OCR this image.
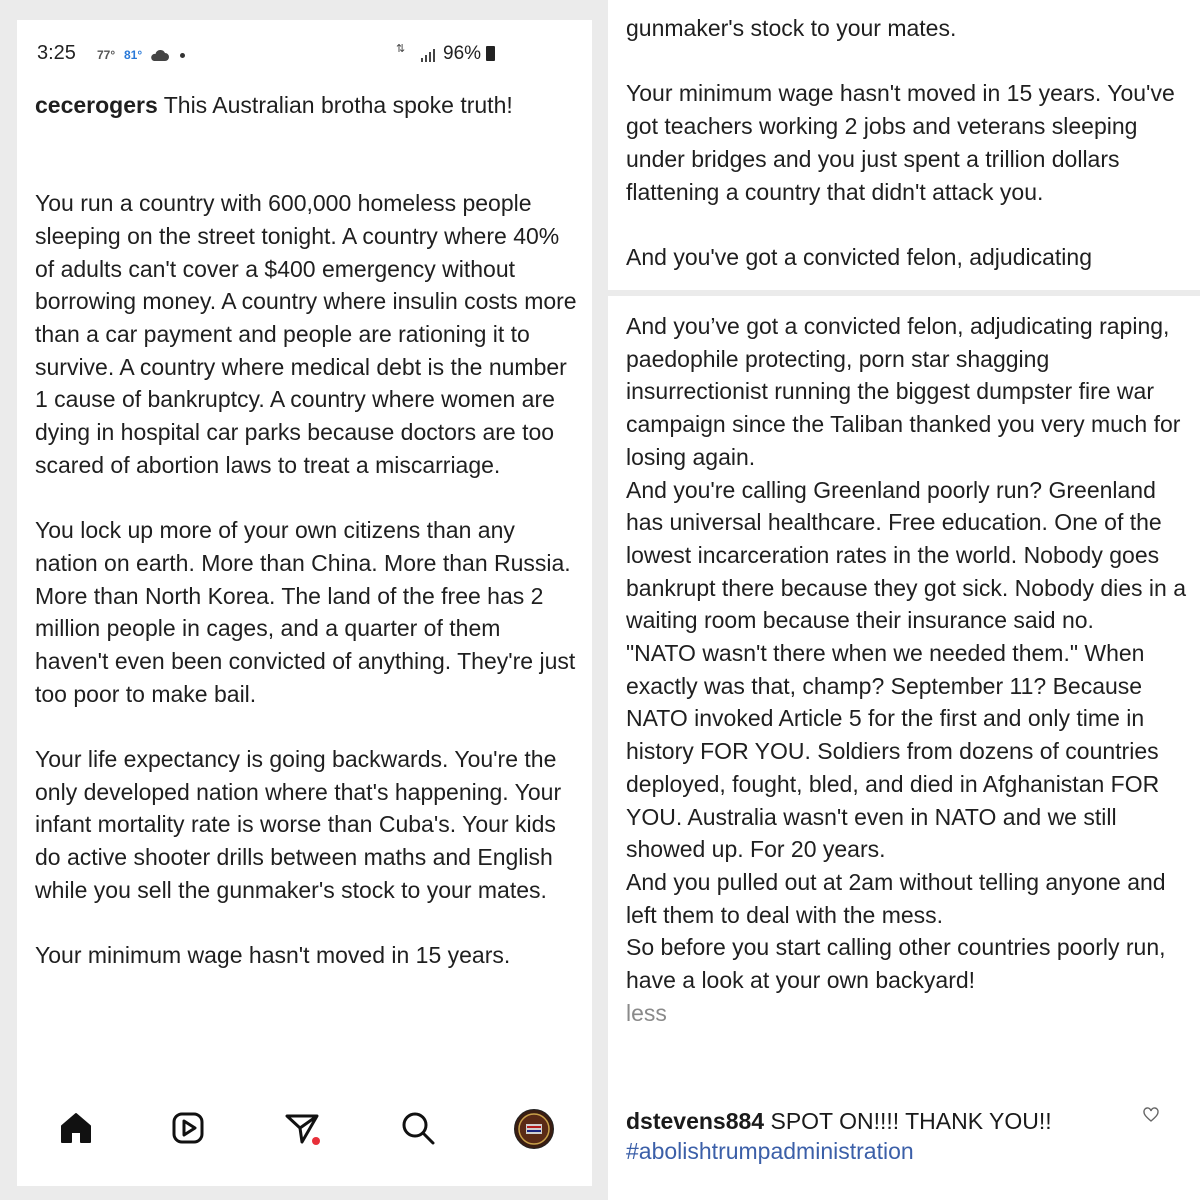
3:25 77° 81°	⇅ 96%

cecerogers This Australian brotha spoke truth!

You run a country with 600,000 homeless people sleeping on the street tonight. A country where 40% of adults can't cover a $400 emergency without borrowing money. A country where insulin costs more than a car payment and people are rationing it to survive. A country where medical debt is the number 1 cause of bankruptcy. A country where women are dying in hospital car parks because doctors are too scared of abortion laws to treat a miscarriage.

You lock up more of your own citizens than any nation on earth. More than China. More than Russia. More than North Korea. The land of the free has 2 million people in cages, and a quarter of them haven't even been convicted of anything. They're just too poor to make bail.

Your life expectancy is going backwards. You're the only developed nation where that's happening. Your infant mortality rate is worse than Cuba's. Your kids do active shooter drills between maths and English while you sell the gunmaker's stock to your mates.

Your minimum wage hasn't moved in 15 years.

gunmaker's stock to your mates.

Your minimum wage hasn't moved in 15 years. You've got teachers working 2 jobs and veterans sleeping under bridges and you just spent a trillion dollars flattening a country that didn't attack you.

And you've got a convicted felon, adjudicating

And you’ve got a convicted felon, adjudicating raping, paedophile protecting, porn star shagging insurrectionist running the biggest dumpster fire war campaign since the Taliban thanked you very much for losing again.
And you're calling Greenland poorly run? Greenland has universal healthcare. Free education. One of the lowest incarceration rates in the world. Nobody goes bankrupt there because they got sick. Nobody dies in a waiting room because their insurance said no.
"NATO wasn't there when we needed them." When exactly was that, champ? September 11? Because NATO invoked Article 5 for the first and only time in history FOR YOU. Soldiers from dozens of countries deployed, fought, bled, and died in Afghanistan FOR YOU. Australia wasn't even in NATO and we still showed up. For 20 years.
And you pulled out at 2am without telling anyone and left them to deal with the mess.
So before you start calling other countries poorly run, have a look at your own backyard!
less
dstevens884 SPOT ON!!!! THANK YOU!!
#abolishtrumpadministration
